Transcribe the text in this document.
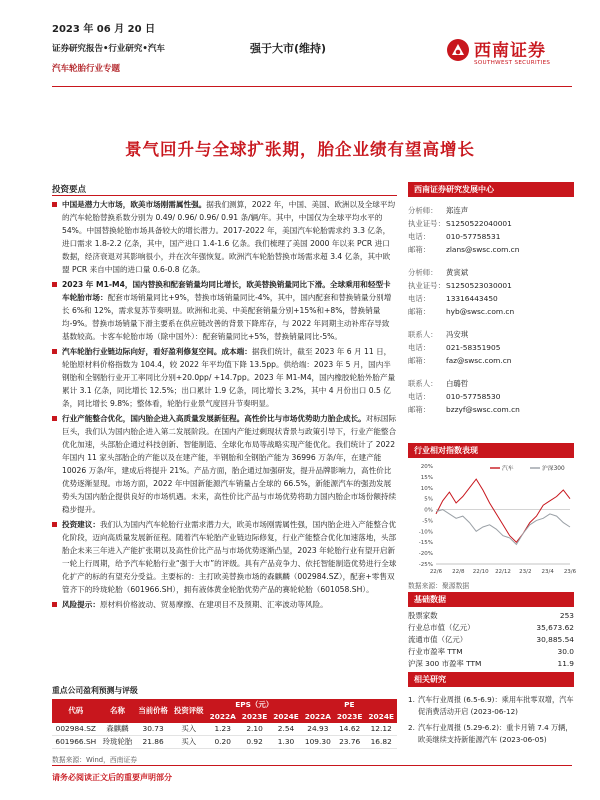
2023 年 06 月 20 日
证券研究报告•行业研究•汽车
汽车轮胎行业专题
强于大市(维持)	西南证券
SOUTHWEST SECURITIES
景气回升与全球扩张期，胎企业绩有望高增长
投资要点
中国是潜力大市场，欧美市场刚需属性强。据我们测算，2022 年，中国、美国、欧洲以及全球平均的汽车轮胎替换系数分别为 0.49/ 0.96/ 0.96/ 0.91 条/辆/年。其中，中国仅为全球平均水平的 54%。中国替换轮胎市场具备较大的增长潜力。2017-2022 年，美国汽车轮胎需求约 3.3 亿条，进口需求 1.8-2.2 亿条，其中，国产进口 1.4-1.6 亿条。我们梳理了美国 2000 年以来 PCR 进口数据，经济衰退对其影响很小，并在次年强恢复。欧洲汽车轮胎替换市场需求超 3.4 亿条，其中欧盟 PCR 来自中国的进口量 0.6-0.8 亿条。
2023 年 M1-M4，国内替换和配套销量均同比增长，欧美替换销量同比下滑。全球乘用和轻型卡车轮胎市场：配套市场销量同比+9%，替换市场销量同比-4%，其中，国内配套和替换销量分别增长 6%和 12%，需求复苏节奏明显。欧洲和北美、中美配套销量分别+15%和+8%，替换销量均-9%。替换市场销量下滑主要系在供应链改善的背景下降库存，与 2022 年同期主动补库存导致基数较高。卡客车轮胎市场（除中国外）：配套销量同比+5%，替换销量同比-5%。
汽车轮胎行业链边际向好，看好盈利修复空间。成本端：据我们统计，截至 2023 年 6 月 11 日，轮胎原材料价格指数为 104.4，较 2022 年平均值下降 13.5pp。供给端：2023 年 5 月，国内半钢胎和全钢胎行业开工率同比分别+20.0pp/ +14.7pp。2023 年 M1-M4，国内橡胶轮胎外胎产量累计 3.1 亿条，同比增长 12.5%；出口累计 1.9 亿条，同比增长 3.2%，其中 4 月份出口 0.5 亿条，同比增长 9.8%；整体看，轮胎行业景气度回升节奏明显。
行业产能整合优化，国内胎企进入高质量发展新征程。高性价比与市场优势助力胎企成长。对标国际巨头，我们认为国内胎企进入第二发展阶段。在国内产能过剩现状背景与政策引导下，行业产能整合优化加速，头部胎企通过科技创新、智能制造、全球化布局等战略实现产能优化。我们统计了 2022 年国内 11 家头部胎企的产能以及在建产能，半钢胎和全钢胎产能为 36996 万条/年，在建产能 10026 万条/年，建成后将提升 21%。产品方面，胎企通过加强研发，提升品牌影响力，高性价比优势逐渐显现。市场方面，2022 年中国新能源汽车销量占全球的 66.5%，新能源汽车的强劲发展势头为国内胎企提供良好的市场机遇。未来，高性价比产品与市场优势将助力国内胎企市场份额持续稳步提升。
投资建议：我们认为国内汽车轮胎行业需求潜力大，欧美市场刚需属性强，国内胎企进入产能整合优化阶段，迈向高质量发展新征程。随着汽车轮胎产业链边际修复，行业产能整合优化加速落地，头部胎企未来三年进入产能扩张期以及高性价比产品与市场优势逐渐凸显，2023 年轮胎行业有望开启新一轮上行周期，给予汽车轮胎行业“强于大市”的评级。具有产品竞争力、依托智能制造优势进行全球化扩产的标的有望充分受益。主要标的：主打欧美替换市场的森麒麟（002984.SZ），配套+零售双管齐下的玲珑轮胎（601966.SH），拥有液体黄金轮胎优势产品的赛轮轮胎（601058.SH）。
风险提示：原材料价格波动、贸易摩擦、在建项目不及预期、汇率波动等风险。
重点公司盈利预测与评级
代码	名称	当前价格	投资评级	EPS（元）			PE		
				2022A	2023E	2024E	2022A	2023E	2024E
002984.SZ	森麒麟	30.73	买入	1.23	2.10	2.54	24.93	14.62	12.12
601966.SH	玲珑轮胎	21.86	买入	0.20	0.92	1.30	109.30	23.76	16.82
数据来源：Wind，西南证券
西南证券研究发展中心
分析师： 郑连声
执业证号：S1250522040001
电话： 010-57758531
邮箱： zlans@swsc.com.cn
分析师： 黄寅斌
执业证号：S1250523030001
电话： 13316443450
邮箱： hyb@swsc.com.cn
联系人： 冯安琪
电话： 021-58351905
邮箱： faz@swsc.com.cn
联系人： 白璐哲
电话： 010-57758530
邮箱： bzzyf@swsc.com.cn
行业相对指数表现
20%
15%
10%
5%
0%
-5%
-10%
-15%
-20%
-25%
22/6 22/8 22/10 22/12 23/2 23/4 23/6
汽车	沪深300
数据来源：聚源数据
基础数据
股票家数	253
行业总市值（亿元）	35,673.62
流通市值（亿元）	30,885.54
行业市盈率 TTM	30.0
沪深 300 市盈率 TTM	11.9
相关研究
1. 汽车行业周报 (6.5-6.9)：乘用车批零双增，汽车促消费活动开启 (2023-06-12)
2. 汽车行业周报 (5.29-6.2)：重卡月销 7.4 万辆，欧美继续支持新能源汽车 (2023-06-05)
请务必阅读正文后的重要声明部分
